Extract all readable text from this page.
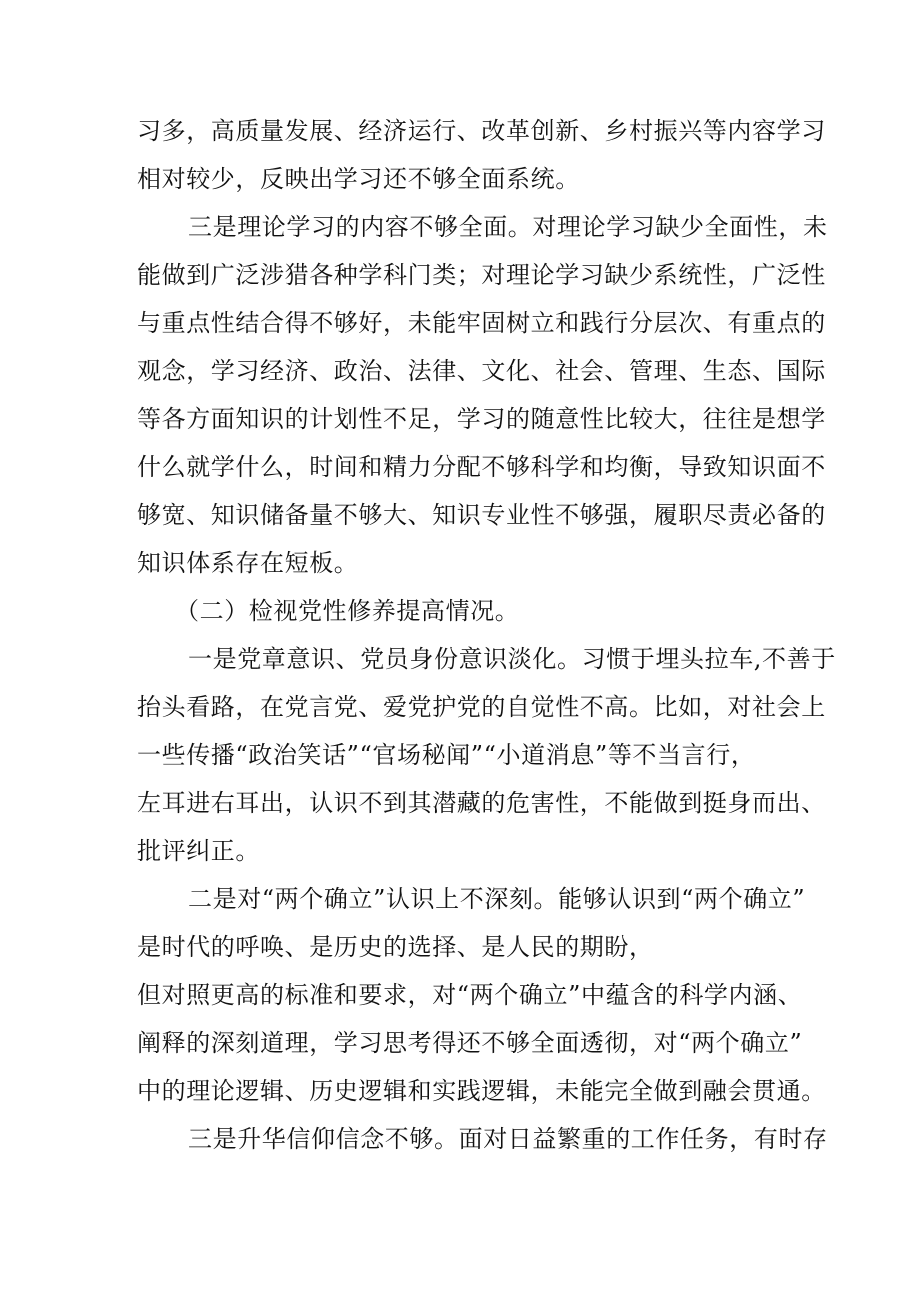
习多，高质量发展、经济运行、改革创新、乡村振兴等内容学习
相对较少，反映出学习还不够全面系统。
三是理论学习的内容不够全面。对理论学习缺少全面性，未
能做到广泛涉猎各种学科门类；对理论学习缺少系统性，广泛性
与重点性结合得不够好，未能牢固树立和践行分层次、有重点的
观念，学习经济、政治、法律、文化、社会、管理、生态、国际
等各方面知识的计划性不足，学习的随意性比较大，往往是想学
什么就学什么，时间和精力分配不够科学和均衡，导致知识面不
够宽、知识储备量不够大、知识专业性不够强，履职尽责必备的
知识体系存在短板。
（二）检视党性修养提高情况。
一是党章意识、党员身份意识淡化。习惯于埋头拉车,不善于
抬头看路，在党言党、爱党护党的自觉性不高。比如，对社会上
一些传播“政治笑话”“官场秘闻”“小道消息”等不当言行，
左耳进右耳出，认识不到其潜藏的危害性，不能做到挺身而出、
批评纠正。
二是对“两个确立”认识上不深刻。能够认识到“两个确立”
是时代的呼唤、是历史的选择、是人民的期盼，
但对照更高的标准和要求，对“两个确立”中蕴含的科学内涵、
阐释的深刻道理，学习思考得还不够全面透彻，对“两个确立”
中的理论逻辑、历史逻辑和实践逻辑，未能完全做到融会贯通。
三是升华信仰信念不够。面对日益繁重的工作任务，有时存
